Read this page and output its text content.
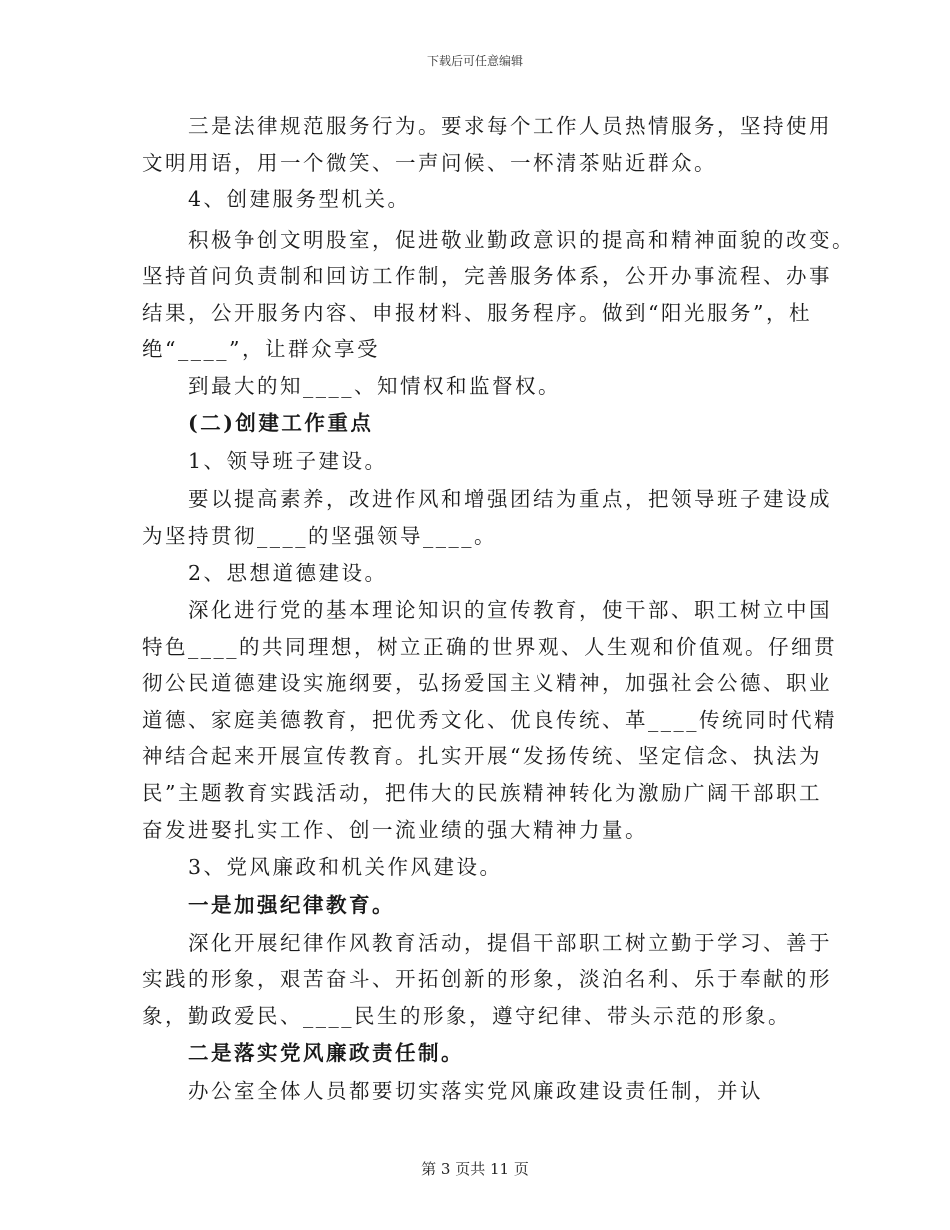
下载后可任意编辑
三是法律规范服务行为。要求每个工作人员热情服务，坚持使用
文明用语，用一个微笑、一声问候、一杯清茶贴近群众。
4、创建服务型机关。
积极争创文明股室，促进敬业勤政意识的提高和精神面貌的改变。
坚持首问负责制和回访工作制，完善服务体系，公开办事流程、办事
结果，公开服务内容、申报材料、服务程序。做到“阳光服务”，杜
绝“____”，让群众享受
到最大的知____、知情权和监督权。
(二)创建工作重点
1、领导班子建设。
要以提高素养，改进作风和增强团结为重点，把领导班子建设成
为坚持贯彻____的坚强领导____。
2、思想道德建设。
深化进行党的基本理论知识的宣传教育，使干部、职工树立中国
特色____的共同理想，树立正确的世界观、人生观和价值观。仔细贯
彻公民道德建设实施纲要，弘扬爱国主义精神，加强社会公德、职业
道德、家庭美德教育，把优秀文化、优良传统、革____传统同时代精
神结合起来开展宣传教育。扎实开展“发扬传统、坚定信念、执法为
民”主题教育实践活动，把伟大的民族精神转化为激励广阔干部职工
奋发进娶扎实工作、创一流业绩的强大精神力量。
3、党风廉政和机关作风建设。
一是加强纪律教育。
深化开展纪律作风教育活动，提倡干部职工树立勤于学习、善于
实践的形象，艰苦奋斗、开拓创新的形象，淡泊名利、乐于奉献的形
象，勤政爱民、____民生的形象，遵守纪律、带头示范的形象。
二是落实党风廉政责任制。
办公室全体人员都要切实落实党风廉政建设责任制，并认
第 3 页共 11 页
